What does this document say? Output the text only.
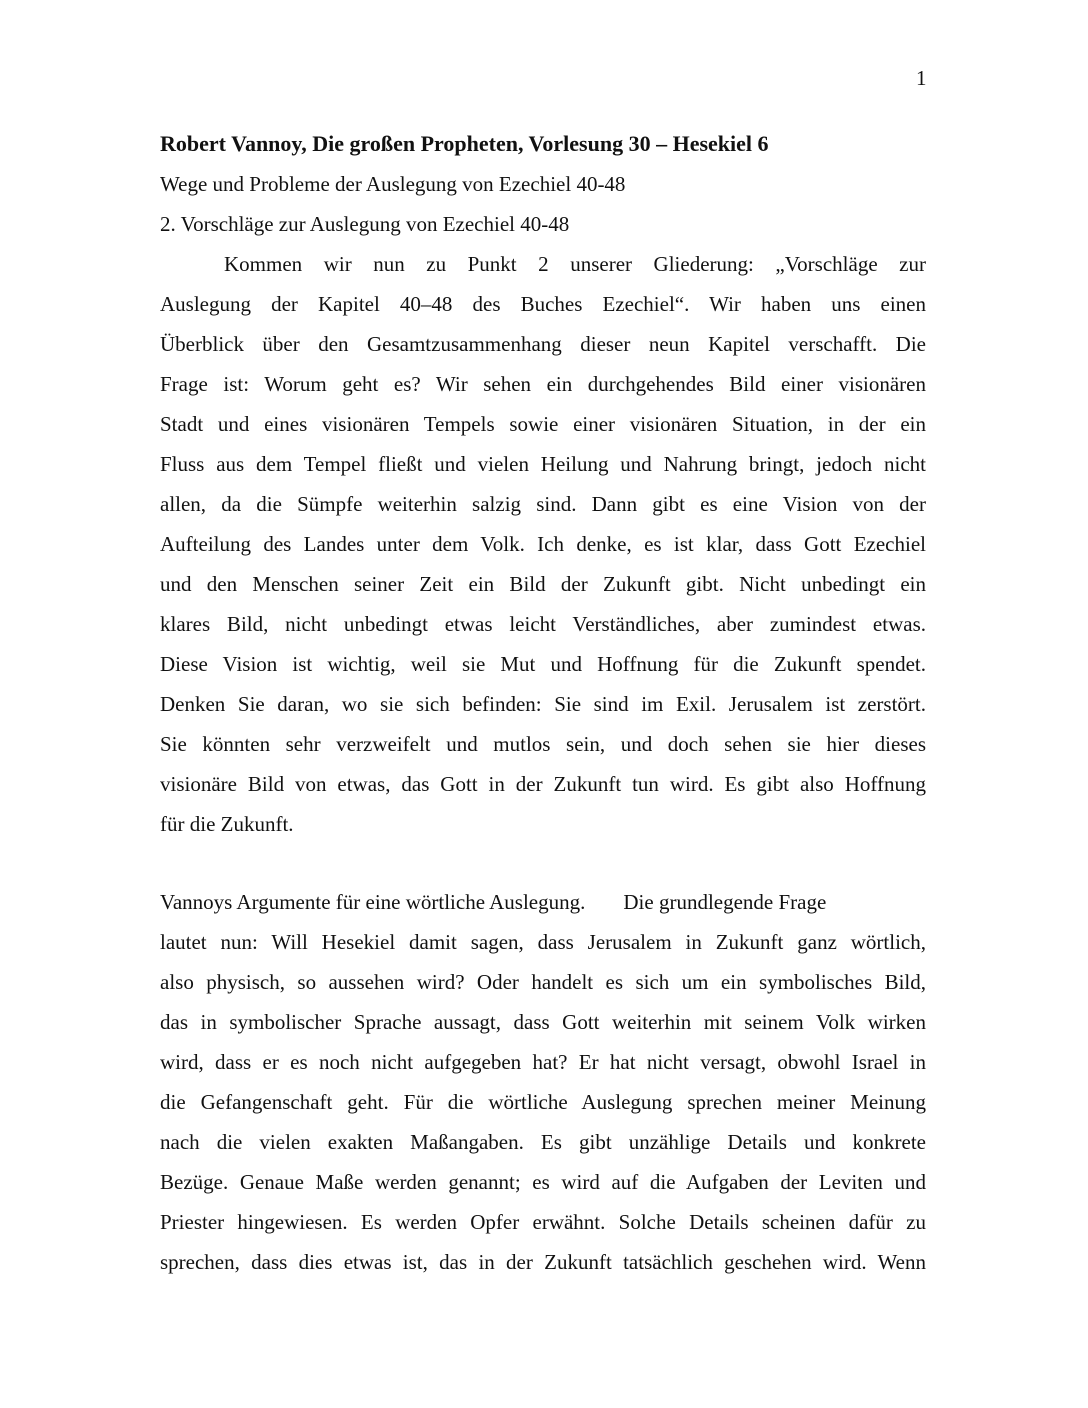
1
Robert Vannoy, Die großen Propheten, Vorlesung 30 – Hesekiel 6
Wege und Probleme der Auslegung von Ezechiel 40-48
2. Vorschläge zur Auslegung von Ezechiel 40-48
Kommen wir nun zu Punkt 2 unserer Gliederung: „Vorschläge zur
Auslegung der Kapitel 40–48 des Buches Ezechiel“. Wir haben uns einen
Überblick über den Gesamtzusammenhang dieser neun Kapitel verschafft. Die
Frage ist: Worum geht es? Wir sehen ein durchgehendes Bild einer visionären
Stadt und eines visionären Tempels sowie einer visionären Situation, in der ein
Fluss aus dem Tempel fließt und vielen Heilung und Nahrung bringt, jedoch nicht
allen, da die Sümpfe weiterhin salzig sind. Dann gibt es eine Vision von der
Aufteilung des Landes unter dem Volk. Ich denke, es ist klar, dass Gott Ezechiel
und den Menschen seiner Zeit ein Bild der Zukunft gibt. Nicht unbedingt ein
klares Bild, nicht unbedingt etwas leicht Verständliches, aber zumindest etwas.
Diese Vision ist wichtig, weil sie Mut und Hoffnung für die Zukunft spendet.
Denken Sie daran, wo sie sich befinden: Sie sind im Exil. Jerusalem ist zerstört.
Sie könnten sehr verzweifelt und mutlos sein, und doch sehen sie hier dieses
visionäre Bild von etwas, das Gott in der Zukunft tun wird. Es gibt also Hoffnung
für die Zukunft.
Vannoys Argumente für eine wörtliche Auslegung. Die grundlegende Frage
lautet nun: Will Hesekiel damit sagen, dass Jerusalem in Zukunft ganz wörtlich,
also physisch, so aussehen wird? Oder handelt es sich um ein symbolisches Bild,
das in symbolischer Sprache aussagt, dass Gott weiterhin mit seinem Volk wirken
wird, dass er es noch nicht aufgegeben hat? Er hat nicht versagt, obwohl Israel in
die Gefangenschaft geht. Für die wörtliche Auslegung sprechen meiner Meinung
nach die vielen exakten Maßangaben. Es gibt unzählige Details und konkrete
Bezüge. Genaue Maße werden genannt; es wird auf die Aufgaben der Leviten und
Priester hingewiesen. Es werden Opfer erwähnt. Solche Details scheinen dafür zu
sprechen, dass dies etwas ist, das in der Zukunft tatsächlich geschehen wird. Wenn
